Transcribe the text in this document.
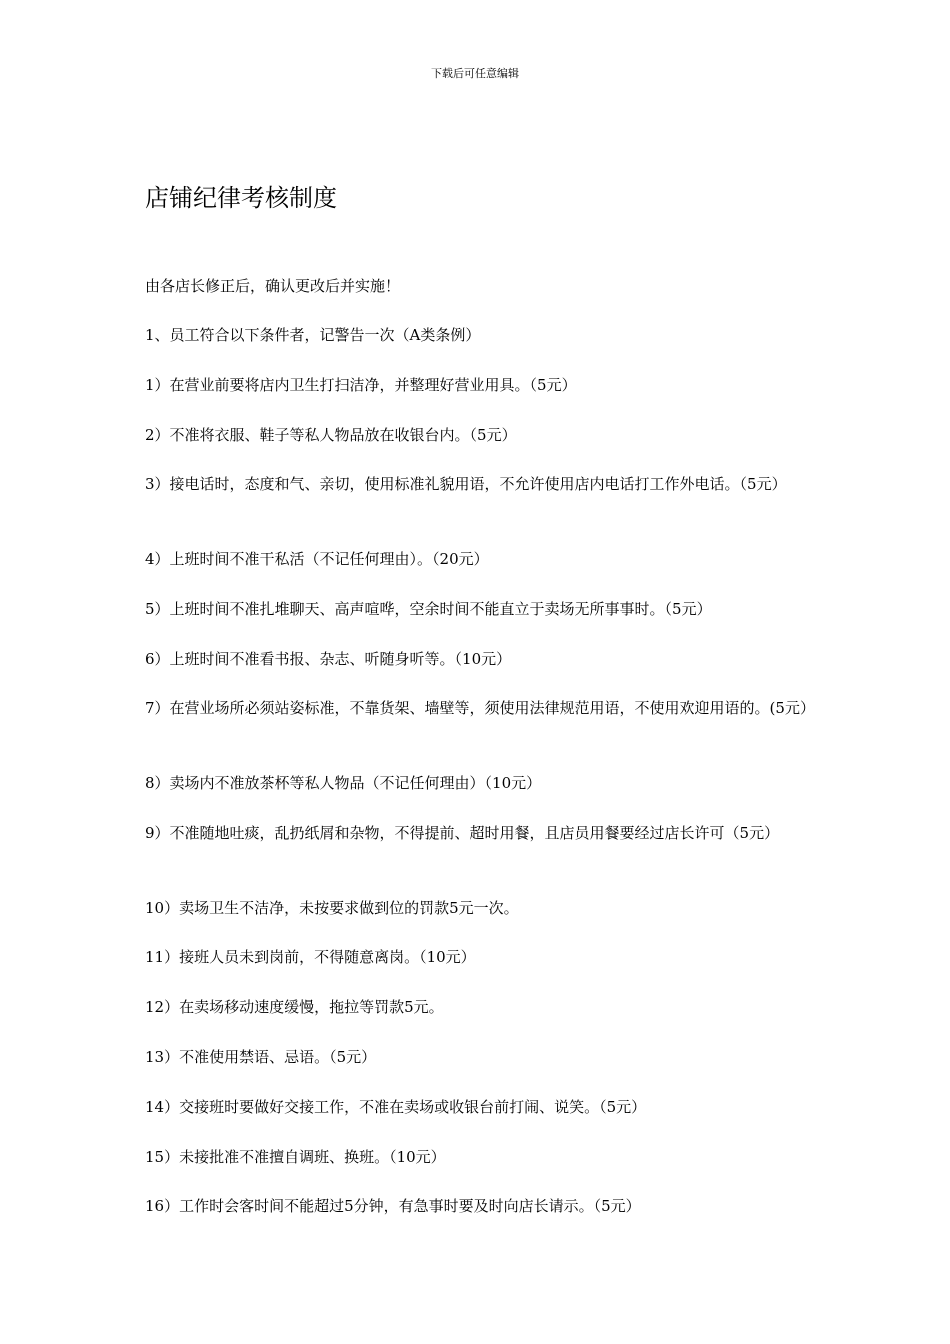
下载后可任意编辑
店铺纪律考核制度

由各店长修正后，确认更改后并实施！

1、员工符合以下条件者，记警告一次（A类条例）

1）在营业前要将店内卫生打扫洁净，并整理好营业用具。（5元）

2）不准将衣服、鞋子等私人物品放在收银台内。（5元）

3）接电话时，态度和气、亲切，使用标准礼貌用语，不允许使用店内电话打工作外电话。（5元）

4）上班时间不准干私活（不记任何理由）。（20元）

5）上班时间不准扎堆聊天、高声喧哗，空余时间不能直立于卖场无所事事时。（5元）

6）上班时间不准看书报、杂志、听随身听等。（10元）

7）在营业场所必须站姿标准，不靠货架、墙壁等，须使用法律规范用语，不使用欢迎用语的。(5元）

8）卖场内不准放茶杯等私人物品（不记任何理由）（10元）

9）不准随地吐痰，乱扔纸屑和杂物，不得提前、超时用餐，且店员用餐要经过店长许可（5元）

10）卖场卫生不洁净，未按要求做到位的罚款5元一次。

11）接班人员未到岗前，不得随意离岗。（10元）

12）在卖场移动速度缓慢，拖拉等罚款5元。

13）不准使用禁语、忌语。（5元）

14）交接班时要做好交接工作，不准在卖场或收银台前打闹、说笑。（5元）

15）未接批准不准擅自调班、换班。（10元）

16）工作时会客时间不能超过5分钟，有急事时要及时向店长请示。（5元）
